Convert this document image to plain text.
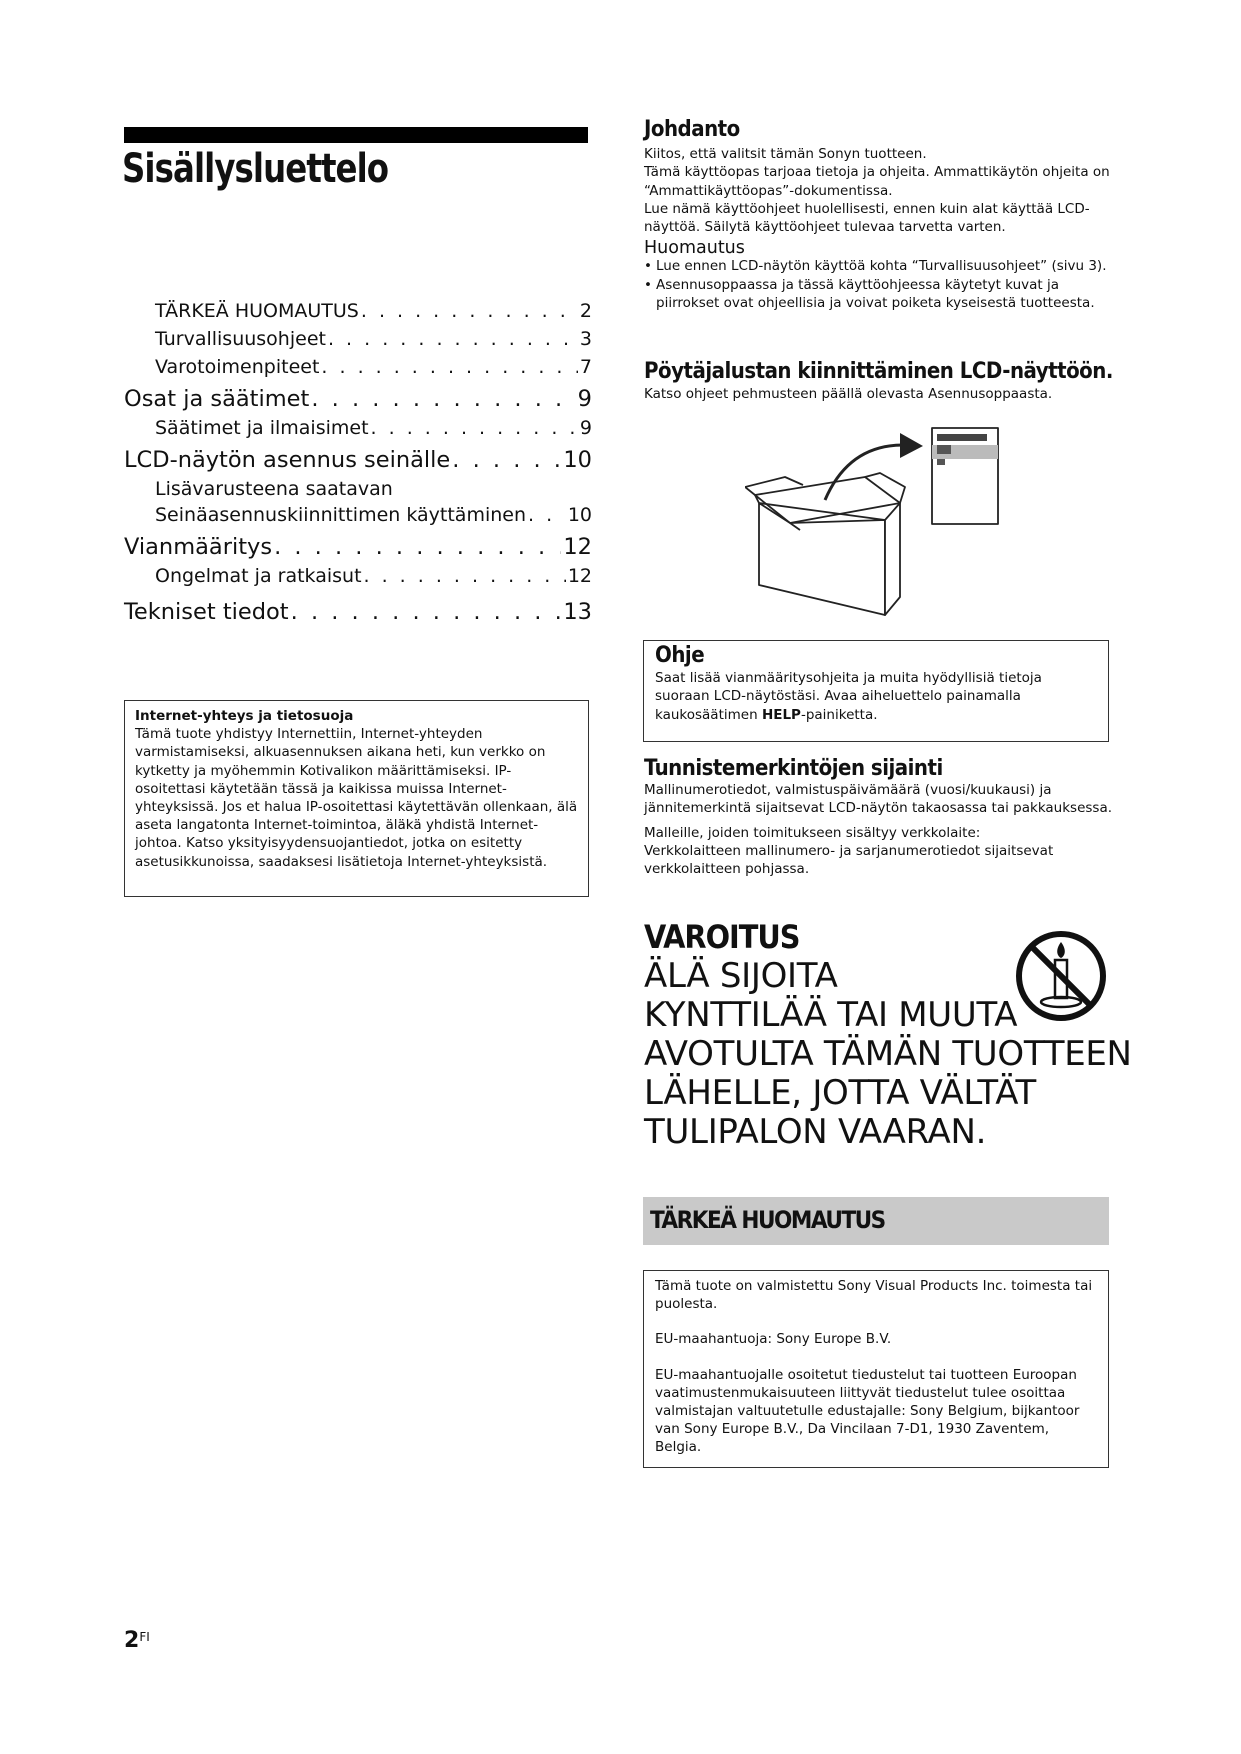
Sisällysluettelo
TÄRKEÄ HUOMAUTUS . . .	2
Turvallisuusohjeet . . .	3
Varotoimenpiteet . . .	7
Osat ja säätimet . . .	9
Säätimet ja ilmaisimet . . .	9
LCD-näytön asennus seinälle . . .	10
Lisävarusteena saatavan
Seinäasennuskiinnittimen käyttäminen . . . 10
Vianmääritys . . .	12
Ongelmat ja ratkaisut . . .	12
Tekniset tiedot . . .	13
Internet-yhteys ja tietosuoja
Tämä tuote yhdistyy Internettiin, Internet-yhteyden varmistamiseksi, alkuasennuksen aikana heti, kun verkko on kytketty ja myöhemmin Kotivalikon määrittämiseksi. IP-osoitettasi käytetään tässä ja kaikissa muissa Internet-yhteyksissä. Jos et halua IP-osoitettasi käytettävän ollenkaan, älä aseta langatonta Internet-toimintoa, äläkä yhdistä Internet-johtoa. Katso yksityisyydensuojantiedot, jotka on esitetty asetusikkunoissa, saadaksesi lisätietoja Internet-yhteyksistä.
$2^{FI}$
Johdanto
Kiitos, että valitsit tämän Sonyn tuotteen.
Tämä käyttöopas tarjoaa tietoja ja ohjeita. Ammattikäytön ohjeita on “Ammattikäyttöopas”-dokumentissa.
Lue nämä käyttöohjeet huolellisesti, ennen kuin alat käyttää LCD-näyttöä. Säilytä käyttöohjeet tulevaa tarvetta varten.
Huomautus
• Lue ennen LCD-näytön käyttöä kohta “Turvallisuusohjeet” (sivu 3).
• Asennusoppaassa ja tässä käyttöohjeessa käytetyt kuvat ja piirrokset ovat ohjeellisia ja voivat poiketa kyseisestä tuotteesta.
Pöytäjalustan kiinnittäminen LCD-näyttöön.
Katso ohjeet pehmusteen päällä olevasta Asennusoppaasta.
Ohje
Saat lisää vianmääritysohjeita ja muita hyödyllisiä tietoja suoraan LCD-näytöstäsi. Avaa aiheluettelo painamalla kaukosäätimen HELP-painiketta.
Tunnistemerkintöjen sijainti
Mallinumerotiedot, valmistuspäivämäärä (vuosi/kuukausi) ja jännitemerkintä sijaitsevat LCD-näytön takaosassa tai pakkauksessa.
Malleille, joiden toimitukseen sisältyy verkkolaite:
Verkkolaitteen mallinumero- ja sarjanumerotiedot sijaitsevat verkkolaitteen pohjassa.
VAROITUS
ÄLÄ SIJOITA
KYNTTILÄÄ TAI MUUTA
AVOTULTA TÄMÄN TUOTTEEN
LÄHELLE, JOTTA VÄLTÄT
TULIPALON VAARAN.
TÄRKEÄ HUOMAUTUS

Tämä tuote on valmistettu Sony Visual Products Inc. toimesta tai puolesta.

EU-maahantuoja: Sony Europe B.V.

EU-maahantuojalle osoitetut tiedustelut tai tuotteen Euroopan vaatimustenmukaisuuteen liittyvät tiedustelut tulee osoittaa valmistajan valtuutetulle edustajalle: Sony Belgium, bijkantoor van Sony Europe B.V., Da Vincilaan 7-D1, 1930 Zaventem, Belgia.
